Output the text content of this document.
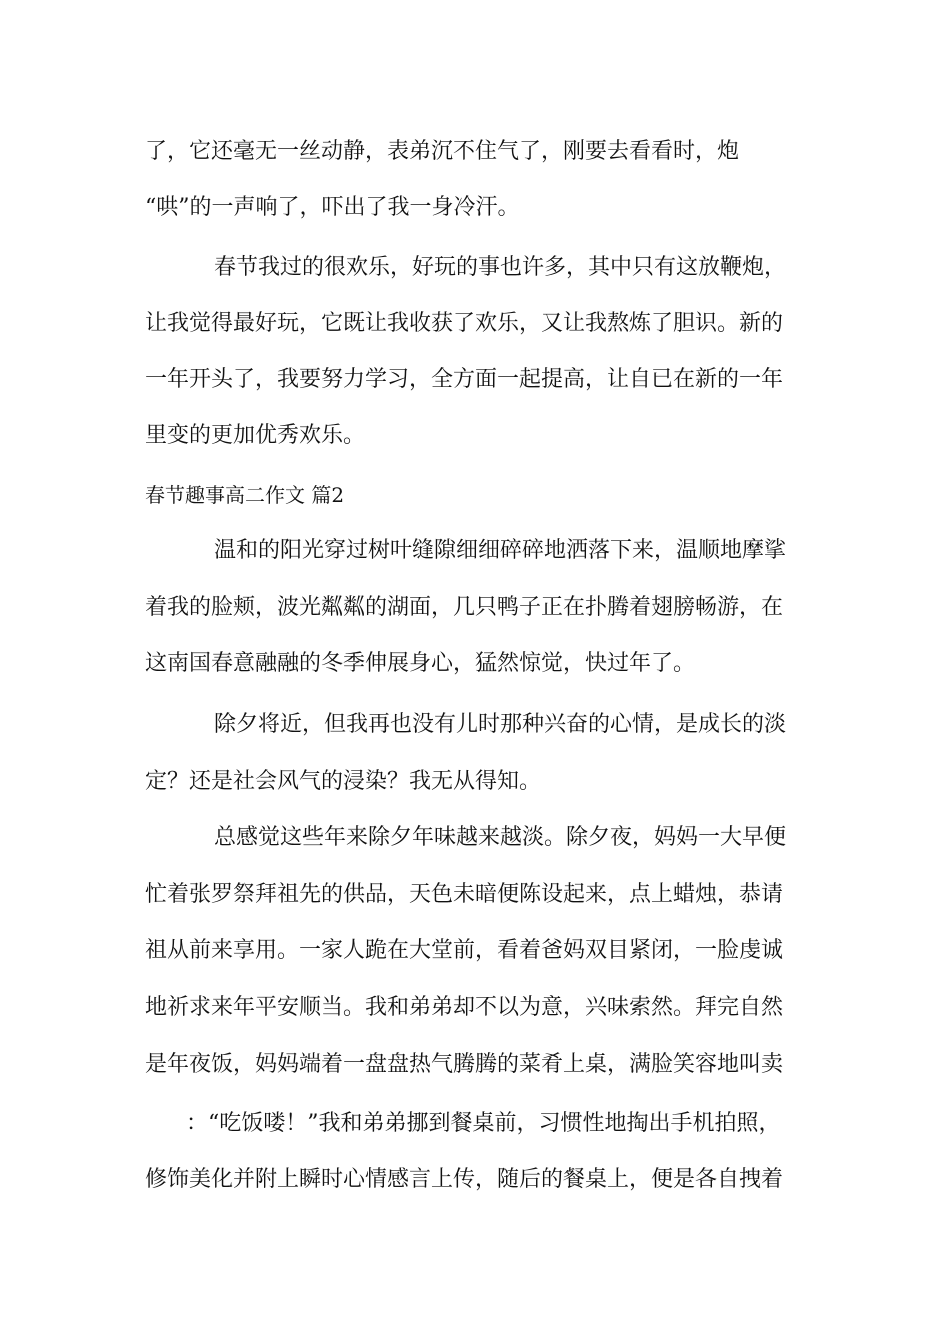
了，它还毫无一丝动静，表弟沉不住气了，刚要去看看时，炮
“哄”的一声响了，吓出了我一身冷汗。
春节我过的很欢乐，好玩的事也许多，其中只有这放鞭炮，
让我觉得最好玩，它既让我收获了欢乐，又让我熬炼了胆识。新的
一年开头了，我要努力学习，全方面一起提高，让自已在新的一年
里变的更加优秀欢乐。
春节趣事高二作文 篇2
温和的阳光穿过树叶缝隙细细碎碎地洒落下来，温顺地摩挲
着我的脸颊，波光粼粼的湖面，几只鸭子正在扑腾着翅膀畅游，在
这南国春意融融的冬季伸展身心，猛然惊觉，快过年了。
除夕将近，但我再也没有儿时那种兴奋的心情，是成长的淡
定？还是社会风气的浸染？我无从得知。
总感觉这些年来除夕年味越来越淡。除夕夜，妈妈一大早便
忙着张罗祭拜祖先的供品，天色未暗便陈设起来，点上蜡烛，恭请
祖从前来享用。一家人跪在大堂前，看着爸妈双目紧闭，一脸虔诚
地祈求来年平安顺当。我和弟弟却不以为意，兴味索然。拜完自然
是年夜饭，妈妈端着一盘盘热气腾腾的菜肴上桌，满脸笑容地叫卖
：“吃饭喽！”我和弟弟挪到餐桌前，习惯性地掏出手机拍照，
修饰美化并附上瞬时心情感言上传，随后的餐桌上，便是各自拽着
